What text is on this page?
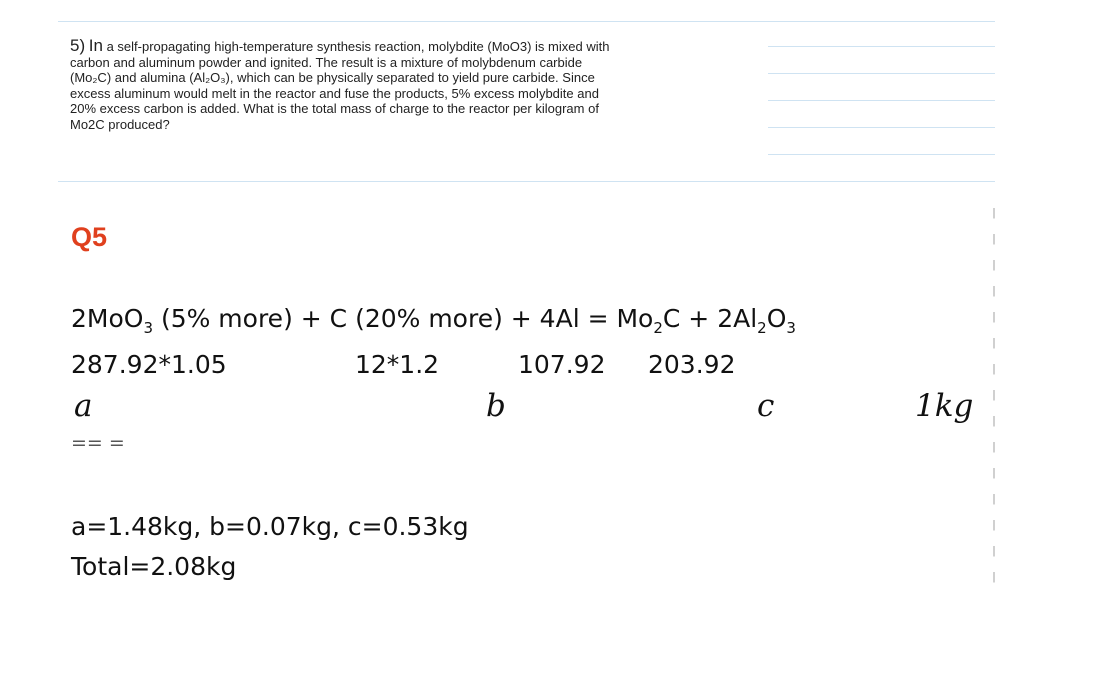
5) In a self-propagating high-temperature synthesis reaction, molybdite (MoO3) is mixed with
carbon and aluminum powder and ignited. The result is a mixture of molybdenum carbide
(Mo₂C) and alumina (Al₂O₃), which can be physically separated to yield pure carbide. Since
excess aluminum would melt in the reactor and fuse the products, 5% excess molybdite and
20% excess carbon is added. What is the total mass of charge to the reactor per kilogram of
Mo2C produced?

Q5
2MoO$_3$ (5% more) + C (20% more) + $4Al = Mo_2C + 2Al_2O_3$
287.92*1.05	12*1.2	107.92 203.92
a	b	c	1kg
== =
a=1.48kg, b=0.07kg, c=0.53kg
Total=2.08kg
